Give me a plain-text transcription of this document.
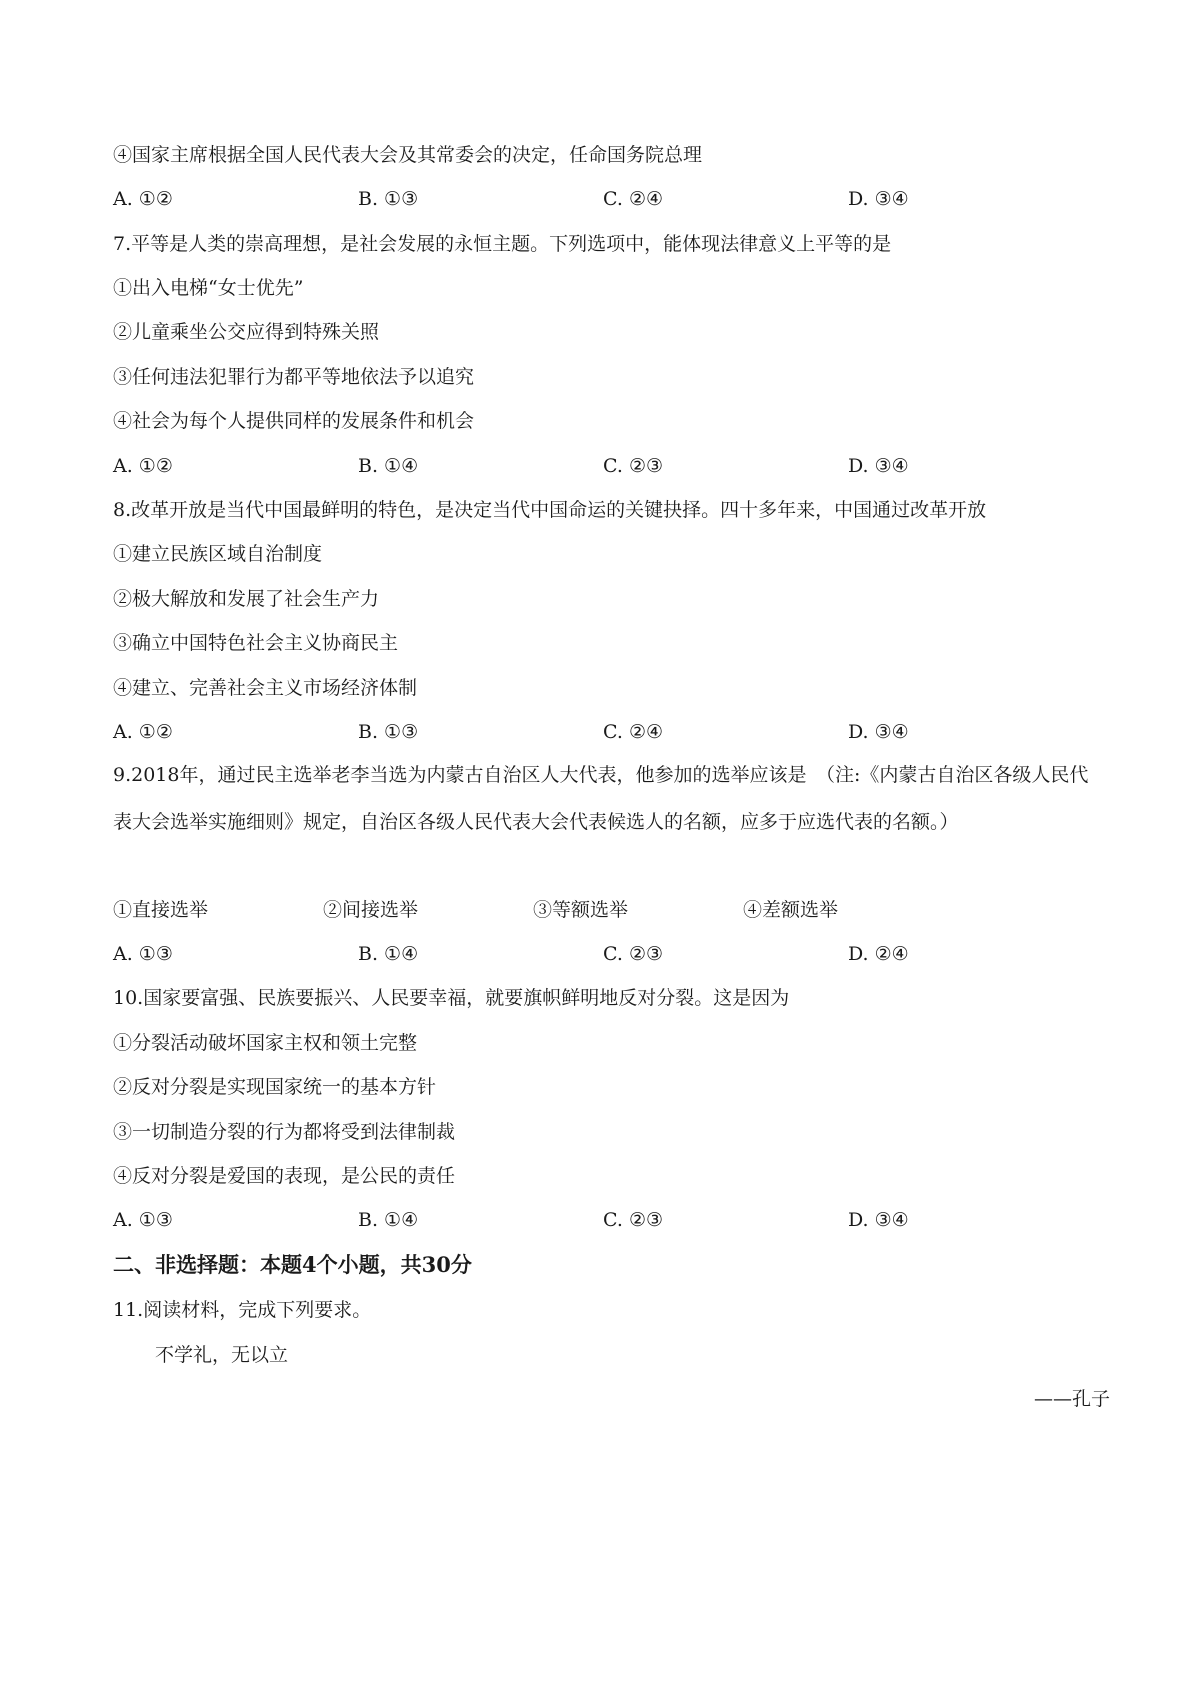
④国家主席根据全国人民代表大会及其常委会的决定，任命国务院总理
A. ①②	B. ①③	C. ②④	D. ③④
7.平等是人类的崇高理想，是社会发展的永恒主题。下列选项中，能体现法律意义上平等的是
①出入电梯“女士优先”
②儿童乘坐公交应得到特殊关照
③任何违法犯罪行为都平等地依法予以追究
④社会为每个人提供同样的发展条件和机会
A. ①②	B. ①④	C. ②③	D. ③④
8.改革开放是当代中国最鲜明的特色，是决定当代中国命运的关键抉择。四十多年来，中国通过改革开放
①建立民族区域自治制度
②极大解放和发展了社会生产力
③确立中国特色社会主义协商民主
④建立、完善社会主义市场经济体制
A. ①②	B. ①③	C. ②④	D. ③④
9.2018年，通过民主选举老李当选为内蒙古自治区人大代表，他参加的选举应该是　（注:《内蒙古自治区各级人民代表大会选举实施细则》规定，自治区各级人民代表大会代表候选人的名额，应多于应选代表的名额。）
①直接选举	②间接选举	③等额选举	④差额选举
A. ①③	B. ①④	C. ②③	D. ②④
10.国家要富强、民族要振兴、人民要幸福，就要旗帜鲜明地反对分裂。这是因为
①分裂活动破坏国家主权和领土完整
②反对分裂是实现国家统一的基本方针
③一切制造分裂的行为都将受到法律制裁
④反对分裂是爱国的表现，是公民的责任
A. ①③	B. ①④	C. ②③	D. ③④
二、非选择题：本题4个小题，共30分
11.阅读材料，完成下列要求。
不学礼，无以立
——孔子
